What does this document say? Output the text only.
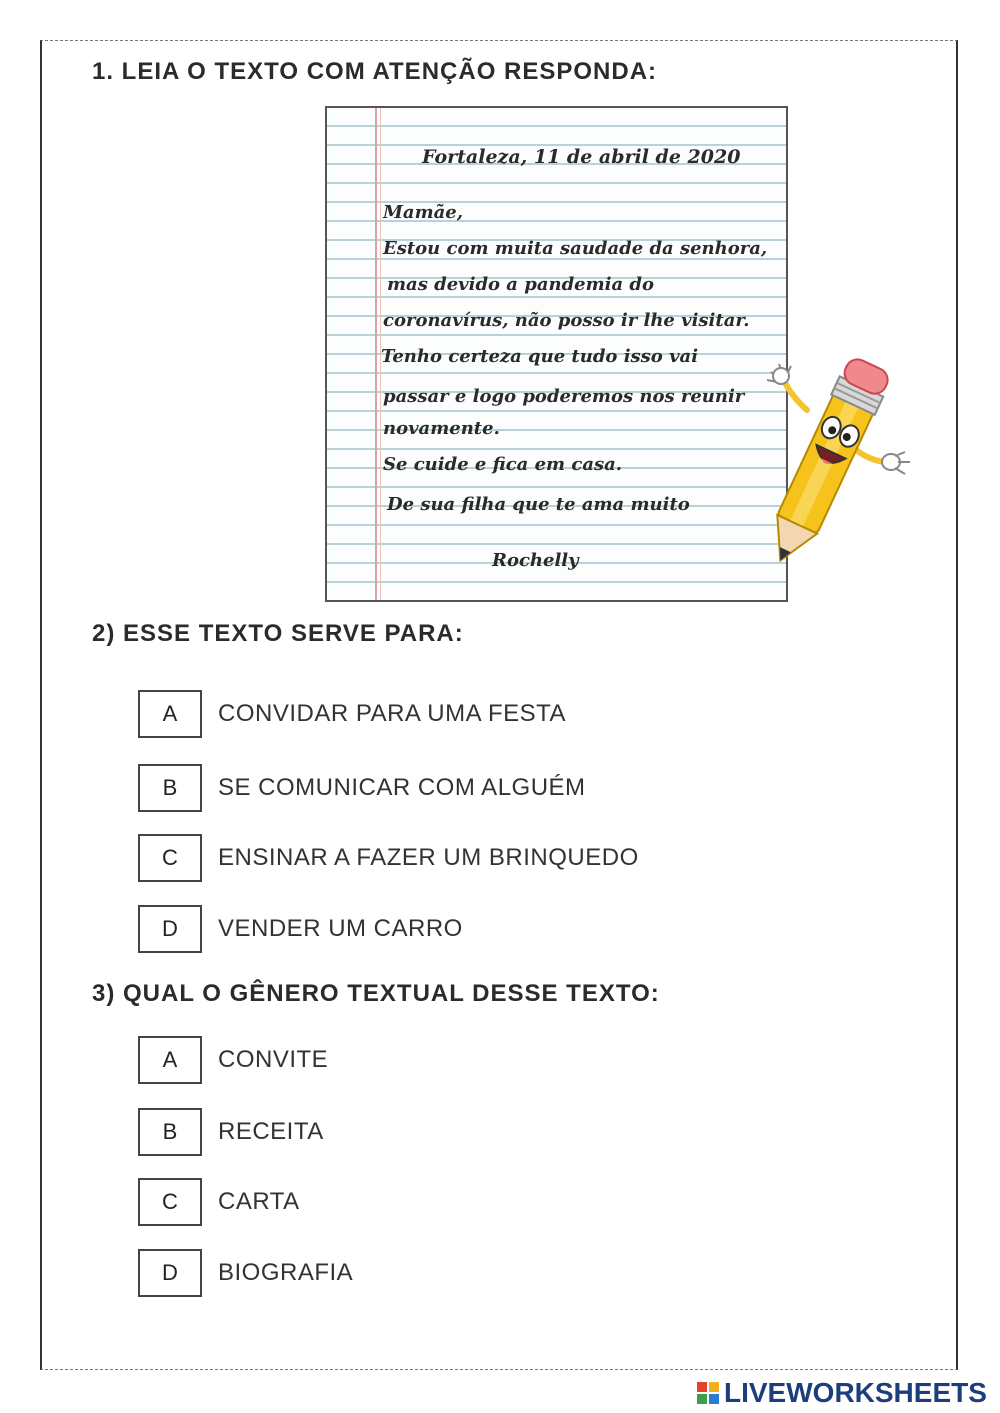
1. LEIA O TEXTO COM ATENÇÃO RESPONDA:
Fortaleza, 11 de abril de 2020
Mamãe,
Estou com muita saudade da senhora,
mas devido a pandemia do
coronavírus, não posso ir lhe visitar.
Tenho certeza que tudo isso vai
passar e logo poderemos nos reunir
novamente.
Se cuide e fica em casa.
De sua filha que te ama muito
Rochelly
2) ESSE TEXTO SERVE PARA:
A	CONVIDAR PARA UMA FESTA
B	SE COMUNICAR COM ALGUÉM
C	ENSINAR A FAZER UM BRINQUEDO
D	VENDER UM CARRO
3) QUAL O GÊNERO TEXTUAL DESSE TEXTO:
A	CONVITE
B	RECEITA
C	CARTA
D	BIOGRAFIA
LIVEWORKSHEETS
